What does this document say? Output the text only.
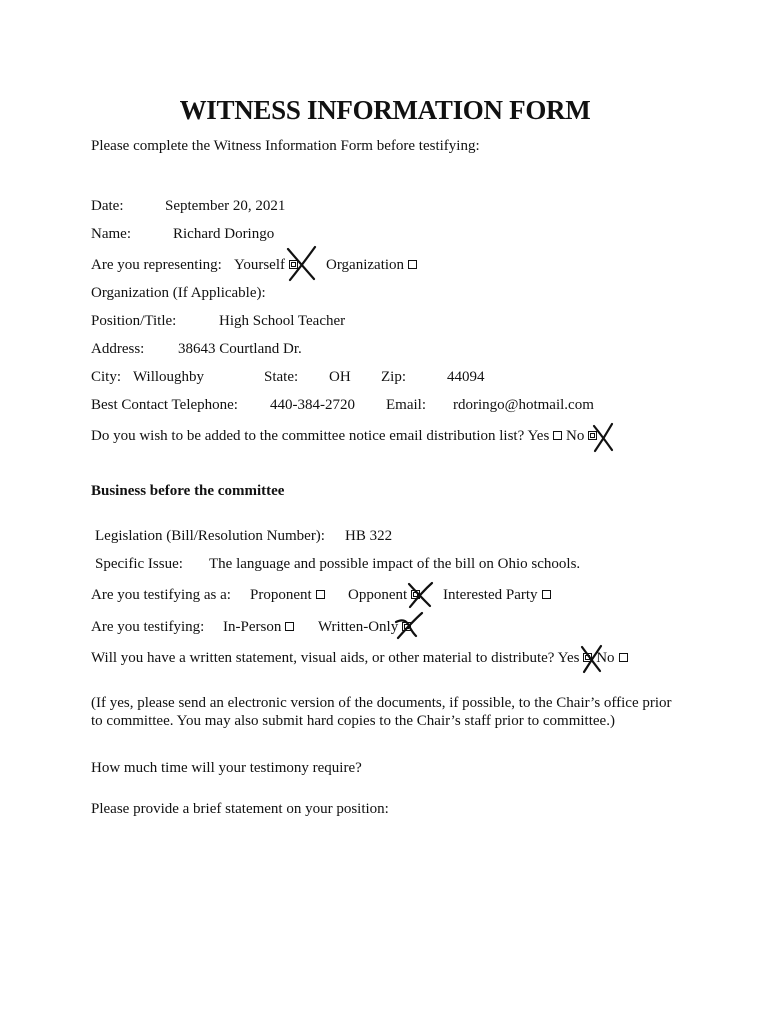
WITNESS INFORMATION FORM
Please complete the Witness Information Form before testifying:
Date:	September 20, 2021
Name:	Richard Doringo
Are you representing: Yourself	Organization
Organization (If Applicable):
Position/Title:	High School Teacher
Address: 38643 Courtland Dr.
City: Willoughby	State: OH Zip:	44094
Best Contact Telephone: 440-384-2720 Email: rdoringo@hotmail.com
Do you wish to be added to the committee notice email distribution list? Yes No
Business before the committee
Legislation (Bill/Resolution Number): HB 322
Specific Issue: The language and possible impact of the bill on Ohio schools.
Are you testifying as a: Proponent	Opponent	Interested Party
Are you testifying: In-Person	Written-Only
Will you have a written statement, visual aids, or other material to distribute? Yes No
(If yes, please send an electronic version of the documents, if possible, to the Chair’s office prior
to committee. You may also submit hard copies to the Chair’s staff prior to committee.)
How much time will your testimony require?
Please provide a brief statement on your position:
